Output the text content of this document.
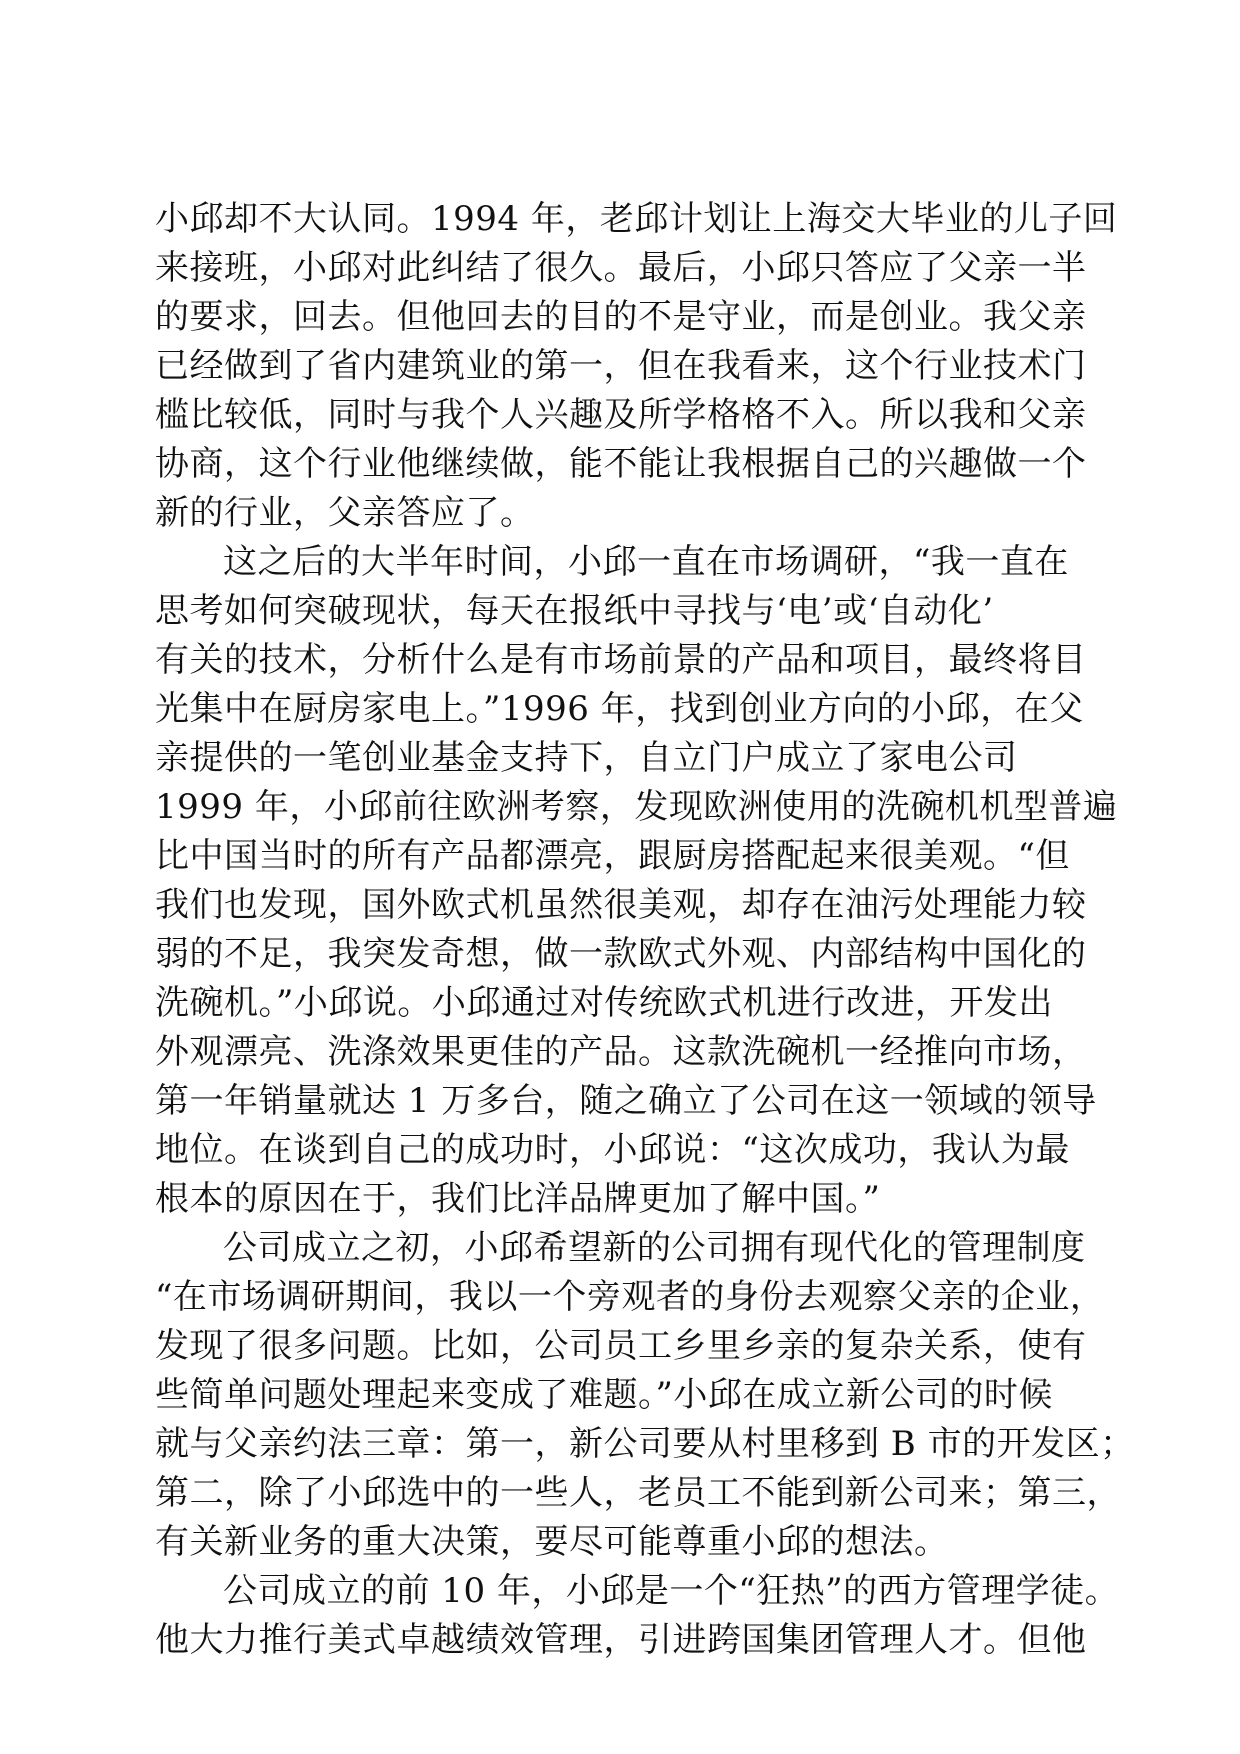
小邱却不大认同。1994 年，老邱计划让上海交大毕业的儿子回
来接班，小邱对此纠结了很久。最后，小邱只答应了父亲一半
的要求，回去。但他回去的目的不是守业，而是创业。我父亲
已经做到了省内建筑业的第一，但在我看来，这个行业技术门
槛比较低，同时与我个人兴趣及所学格格不入。所以我和父亲
协商，这个行业他继续做，能不能让我根据自己的兴趣做一个
新的行业，父亲答应了。
这之后的大半年时间，小邱一直在市场调研，“我一直在
思考如何突破现状，每天在报纸中寻找与‘电’或‘自动化’
有关的技术，分析什么是有市场前景的产品和项目，最终将目
光集中在厨房家电上。”1996 年，找到创业方向的小邱，在父
亲提供的一笔创业基金支持下，自立门户成立了家电公司
1999 年，小邱前往欧洲考察，发现欧洲使用的洗碗机机型普遍
比中国当时的所有产品都漂亮，跟厨房搭配起来很美观。“但
我们也发现，国外欧式机虽然很美观，却存在油污处理能力较
弱的不足，我突发奇想，做一款欧式外观、内部结构中国化的
洗碗机。”小邱说。小邱通过对传统欧式机进行改进，开发出
外观漂亮、洗涤效果更佳的产品。这款洗碗机一经推向市场，
第一年销量就达 1 万多台，随之确立了公司在这一领域的领导
地位。在谈到自己的成功时，小邱说：“这次成功，我认为最
根本的原因在于，我们比洋品牌更加了解中国。”
公司成立之初，小邱希望新的公司拥有现代化的管理制度
“在市场调研期间，我以一个旁观者的身份去观察父亲的企业，
发现了很多问题。比如，公司员工乡里乡亲的复杂关系，使有
些简单问题处理起来变成了难题。”小邱在成立新公司的时候
就与父亲约法三章：第一，新公司要从村里移到 B 市的开发区；
第二，除了小邱选中的一些人，老员工不能到新公司来；第三，
有关新业务的重大决策，要尽可能尊重小邱的想法。
公司成立的前 10 年，小邱是一个“狂热”的西方管理学徒。
他大力推行美式卓越绩效管理，引进跨国集团管理人才。但他
